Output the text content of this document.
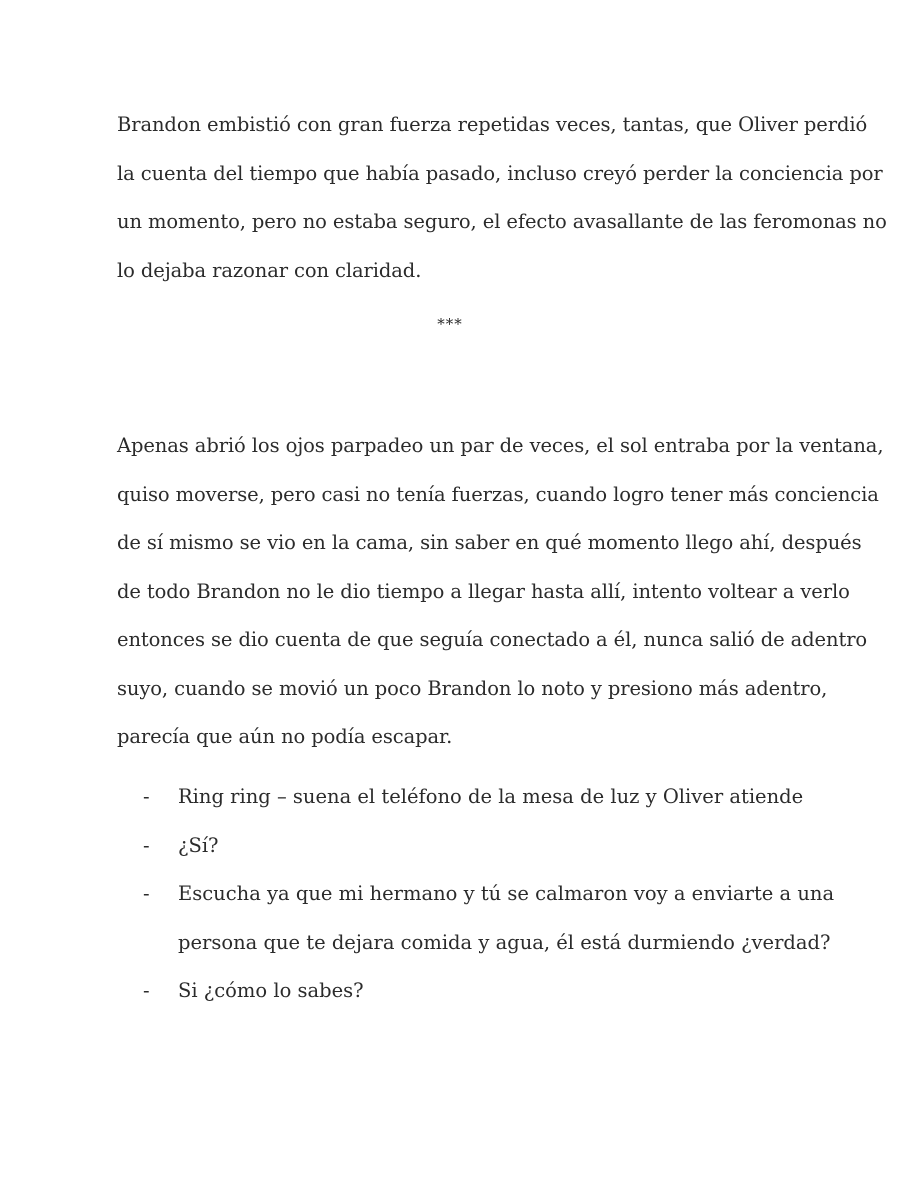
Brandon embistió con gran fuerza repetidas veces, tantas, que Oliver perdió
la cuenta del tiempo que había pasado, incluso creyó perder la conciencia por
un momento, pero no estaba seguro, el efecto avasallante de las feromonas no
lo dejaba razonar con claridad.

***

Apenas abrió los ojos parpadeo un par de veces, el sol entraba por la ventana,
quiso moverse, pero casi no tenía fuerzas, cuando logro tener más conciencia
de sí mismo se vio en la cama, sin saber en qué momento llego ahí, después
de todo Brandon no le dio tiempo a llegar hasta allí, intento voltear a verlo
entonces se dio cuenta de que seguía conectado a él, nunca salió de adentro
suyo, cuando se movió un poco Brandon lo noto y presiono más adentro,
parecía que aún no podía escapar.

- Ring ring – suena el teléfono de la mesa de luz y Oliver atiende
- ¿Sí?
- Escucha ya que mi hermano y tú se calmaron voy a enviarte a una
persona que te dejara comida y agua, él está durmiendo ¿verdad?
- Si ¿cómo lo sabes?
